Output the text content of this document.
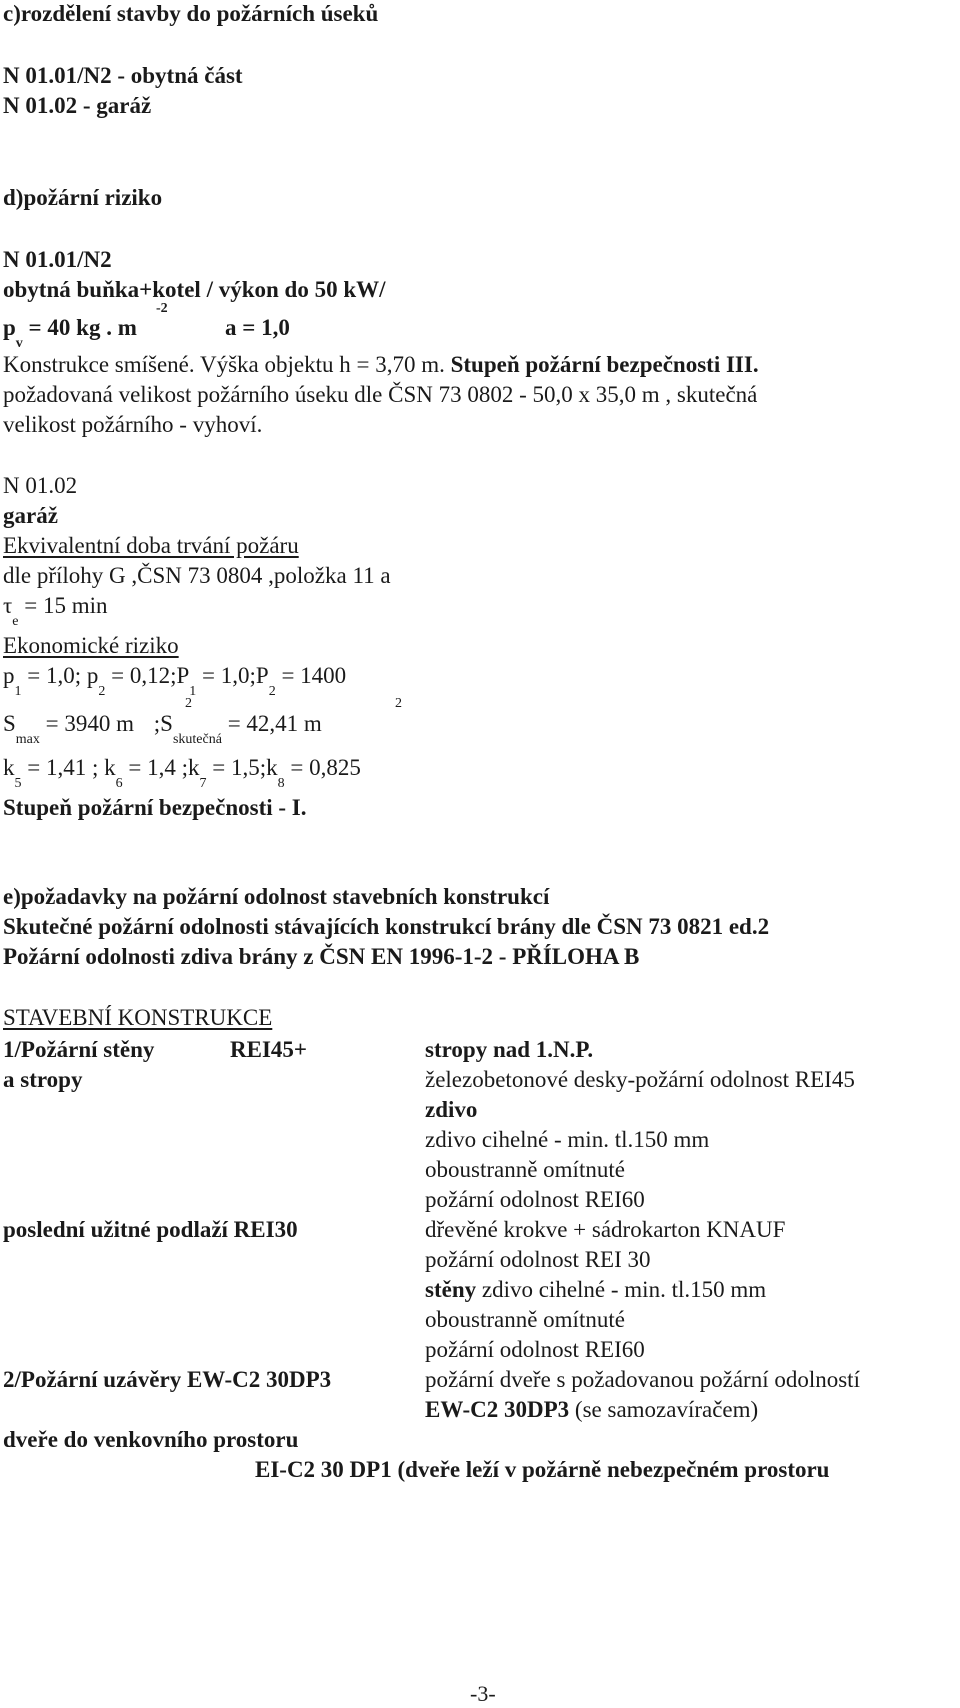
c)rozdělení stavby do požárních úseků
N 01.01/N2 - obytná část
N 01.02 - garáž
d)požární riziko
N 01.01/N2
obytná buňka+kotel / výkon do 50 kW/
$p_v = 40$ kg . m
-2
a = 1,0
Konstrukce smíšené. Výška objektu h = 3,70 m. Stupeň požární bezpečnosti III.
požadovaná velikost požárního úseku dle ČSN 73 0802 - 50,0 x 35,0 m , skutečná
velikost požárního - vyhoví.
N 01.02
garáž
Ekvivalentní doba trvání požáru
dle přílohy G ,ČSN 73 0804 ,položka 11 a
$\tau_e = 15$ min
Ekonomické riziko
$p_1 = 1,0$; $p_2$ = $0,12;P_1$ = $1,0;P_2 = 1400$
$S_{max} = 3940$ m $;S_{skutečná} = 42,41$ m
2	2
$k_5 = 1,41$ ; $k_6 = 1,4$ $;k_7$ = $1,5;k_8 = 0,825$
Stupeň požární bezpečnosti - I.
e)požadavky na požární odolnost stavebních konstrukcí
Skutečné požární odolnosti stávajících konstrukcí brány dle ČSN 73 0821 ed.2
Požární odolnosti zdiva brány z ČSN EN 1996-1-2 - PŘÍLOHA B
STAVEBNÍ KONSTRUKCE
1/Požární stěny	REI45+	stropy nad 1.N.P.
a stropy	železobetonové desky-požární odolnost REI45
zdivo
zdivo cihelné - min. tl.150 mm
oboustranně omítnuté
požární odolnost REI60
poslední užitné podlaží REI30	dřevěné krokve + sádrokarton KNAUF
požární odolnost REI 30
stěny zdivo cihelné - min. tl.150 mm
oboustranně omítnuté
požární odolnost REI60
2/Požární uzávěry EW-C2 30DP3	požární dveře s požadovanou požární odolností
EW-C2 30DP3 (se samozavíračem)
dveře do venkovního prostoru
EI-C2 30 DP1 (dveře leží v požárně nebezpečném prostoru
-3-
